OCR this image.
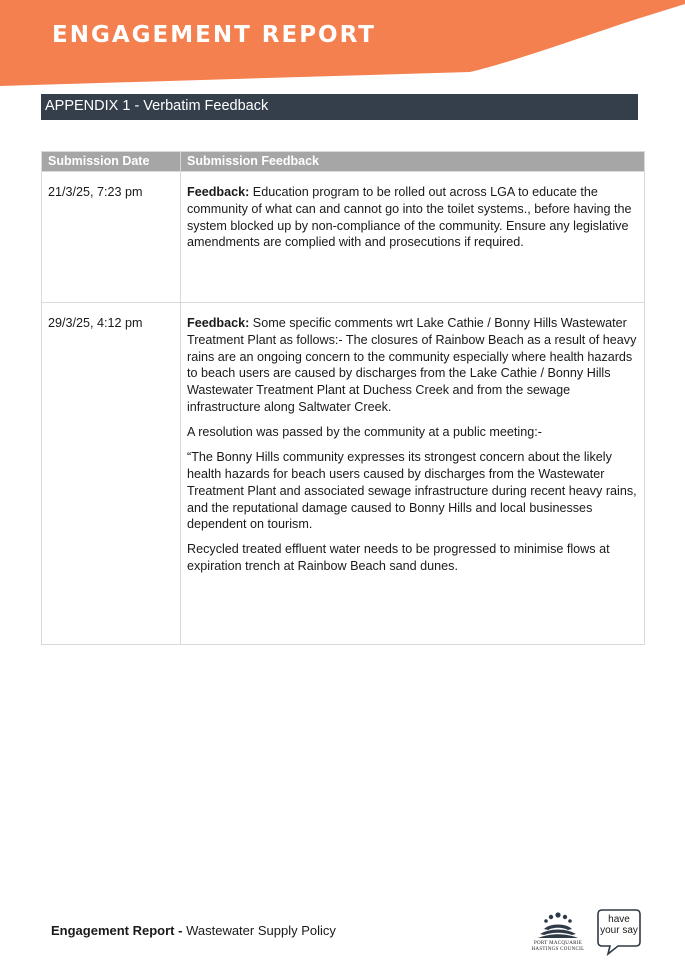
ENGAGEMENT REPORT
APPENDIX 1 - Verbatim Feedback
Submission Date	Submission Feedback
21/3/25, 7:23 pm	Feedback: Education program to be rolled out across LGA to educate the community of what can and cannot go into the toilet systems., before having the system blocked up by non-compliance of the community. Ensure any legislative amendments are complied with and prosecutions if required.

29/3/25, 4:12 pm	Feedback: Some specific comments wrt Lake Cathie / Bonny Hills Wastewater Treatment Plant as follows:- The closures of Rainbow Beach as a result of heavy rains are an ongoing concern to the community especially where health hazards to beach users are caused by discharges from the Lake Cathie / Bonny Hills Wastewater Treatment Plant at Duchess Creek and from the sewage infrastructure along Saltwater Creek.
A resolution was passed by the community at a public meeting:-
“The Bonny Hills community expresses its strongest concern about the likely health hazards for beach users caused by discharges from the Wastewater Treatment Plant and associated sewage infrastructure during recent heavy rains, and the reputational damage caused to Bonny Hills and local businesses dependent on tourism.
Recycled treated effluent water needs to be progressed to minimise flows at expiration trench at Rainbow Beach sand dunes.
Engagement Report - Wastewater Supply Policy
PORT MACQUARIE
HASTINGS COUNCIL
have
your say
